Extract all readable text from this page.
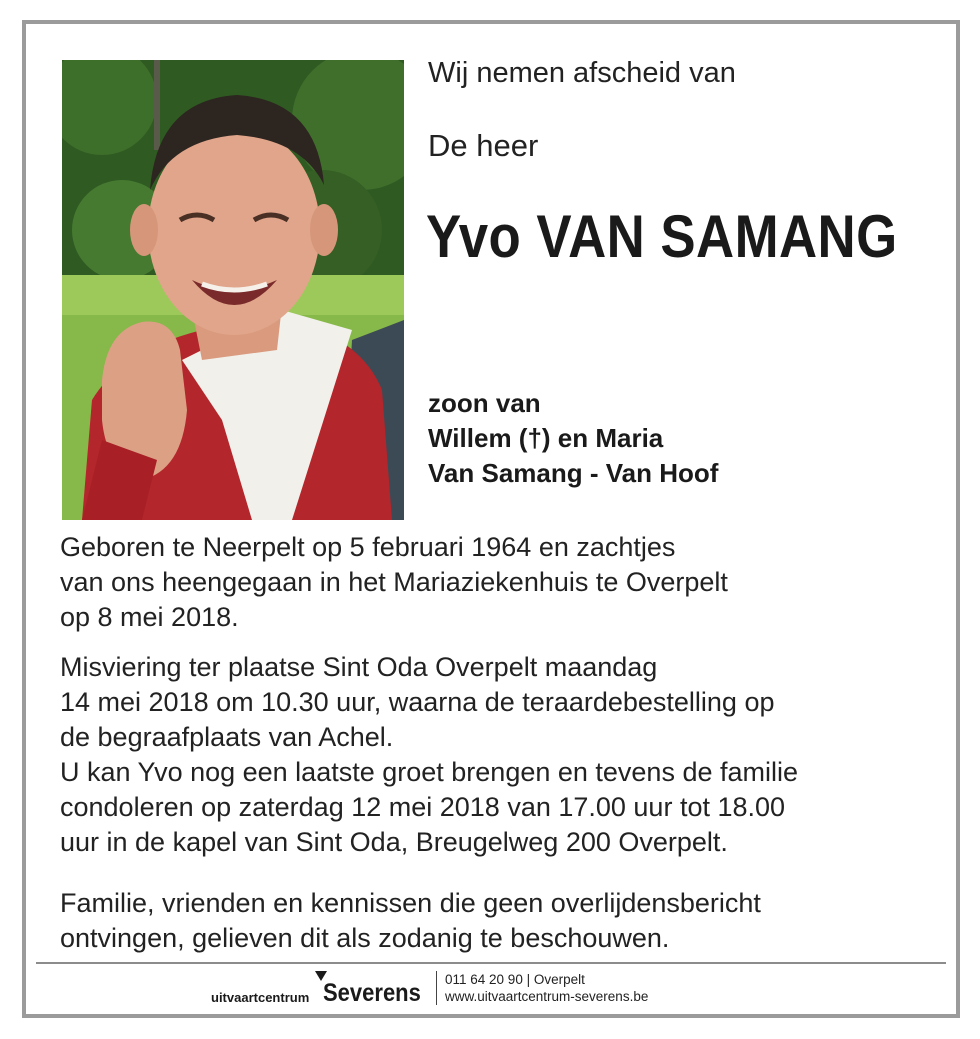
Wij nemen afscheid van
De heer
Yvo VAN SAMANG
zoon van
Willem (†) en Maria
Van Samang - Van Hoof
Geboren te Neerpelt op 5 februari 1964 en zachtjes
van ons heengegaan in het Mariaziekenhuis te Overpelt
op 8 mei 2018.
Misviering ter plaatse Sint Oda Overpelt maandag
14 mei 2018 om 10.30 uur, waarna de teraardebestelling op
de begraafplaats van Achel.
U kan Yvo nog een laatste groet brengen en tevens de familie
condoleren op zaterdag 12 mei 2018 van 17.00 uur tot 18.00
uur in de kapel van Sint Oda, Breugelweg 200 Overpelt.
Familie, vrienden en kennissen die geen overlijdensbericht
ontvingen, gelieven dit als zodanig te beschouwen.
uitvaartcentrum Severens 011 64 20 90 | Overpelt
www.uitvaartcentrum-severens.be
